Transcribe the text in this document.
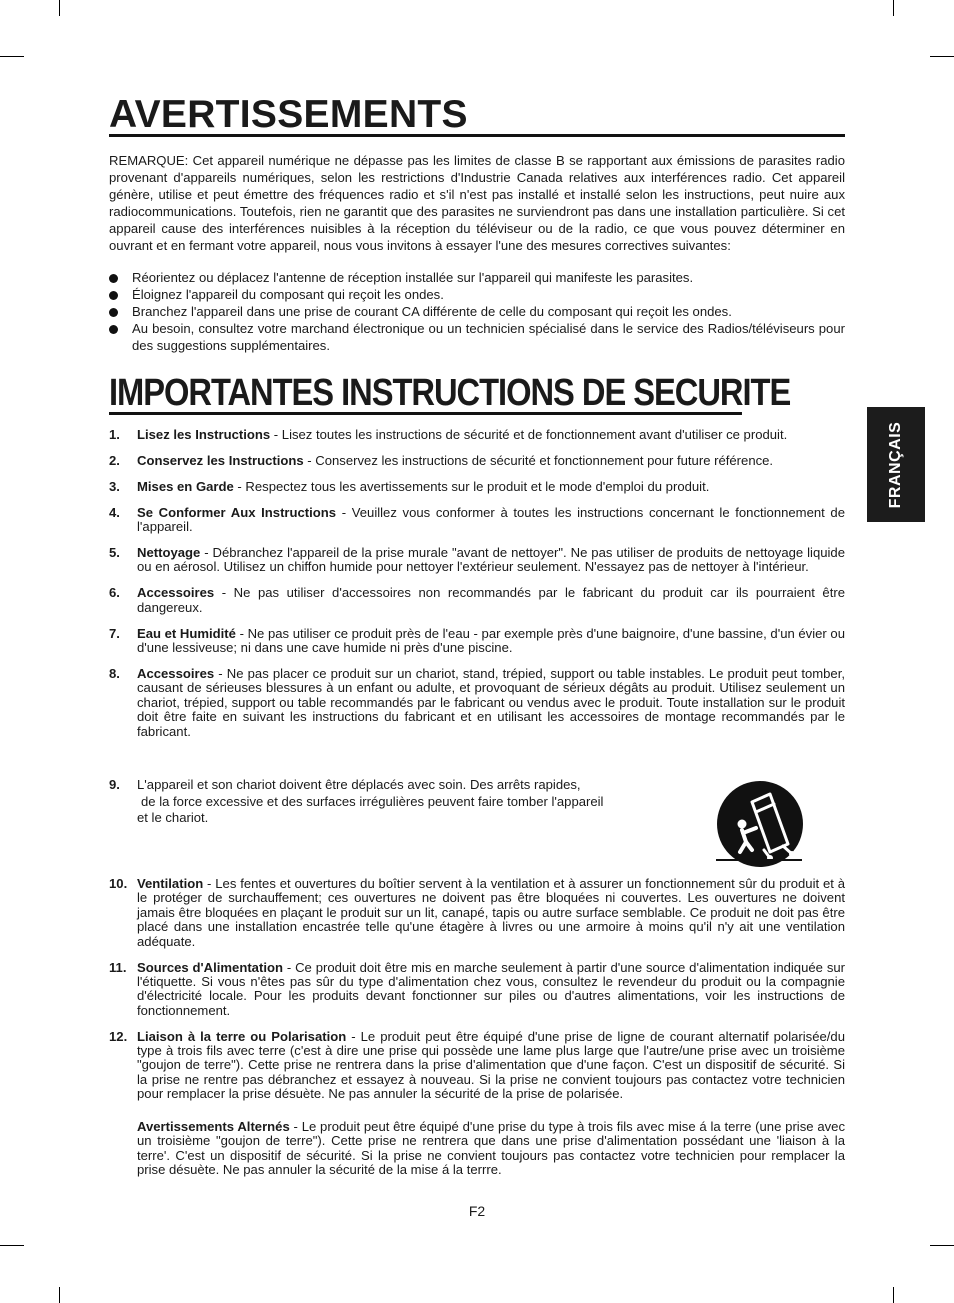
AVERTISSEMENTS

REMARQUE: Cet appareil numérique ne dépasse pas les limites de classe B se rapportant aux émissions de parasites radio provenant d'appareils numériques, selon les restrictions d'Industrie Canada relatives aux interférences radio. Cet appareil génère, utilise et peut émettre des fréquences radio et s'il n'est pas installé et installé selon les instructions, peut nuire aux radiocommunications. Toutefois, rien ne garantit que des parasites ne surviendront pas dans une installation particulière. Si cet appareil cause des interférences nuisibles à la réception du téléviseur ou de la radio, ce que vous pouvez déterminer en ouvrant et en fermant votre appareil, nous vous invitons à essayer l'une des mesures correctives suivantes:

Réorientez ou déplacez l'antenne de réception installée sur l'appareil qui manifeste les parasites.
Éloignez l'appareil du composant qui reçoit les ondes.
Branchez l'appareil dans une prise de courant CA différente de celle du composant qui reçoit les ondes.
Au besoin, consultez votre marchand électronique ou un technicien spécialisé dans le service des Radios/téléviseurs pour des suggestions supplémentaires.
IMPORTANTES INSTRUCTIONS DE SECURITE
1. Lisez les Instructions - Lisez toutes les instructions de sécurité et de fonctionnement avant d'utiliser ce produit.
2. Conservez les Instructions - Conservez les instructions de sécurité et fonctionnement pour future référence.
3. Mises en Garde - Respectez tous les avertissements sur le produit et le mode d'emploi du produit.
4. Se Conformer Aux Instructions - Veuillez vous conformer à toutes les instructions concernant le fonctionnement de l'appareil.
5. Nettoyage - Débranchez l'appareil de la prise murale "avant de nettoyer". Ne pas utiliser de produits de nettoyage liquide ou en aérosol. Utilisez un chiffon humide pour nettoyer l'extérieur seulement. N'essayez pas de nettoyer à l'intérieur.
6. Accessoires - Ne pas utiliser d'accessoires non recommandés par le fabricant du produit car ils pourraient être dangereux.
7. Eau et Humidité - Ne pas utiliser ce produit près de l'eau - par exemple près d'une baignoire, d'une bassine, d'un évier ou d'une lessiveuse; ni dans une cave humide ni près d'une piscine.
8. Accessoires - Ne pas placer ce produit sur un chariot, stand, trépied, support ou table instables. Le produit peut tomber, causant de sérieuses blessures à un enfant ou adulte, et provoquant de sérieux dégâts au produit. Utilisez seulement un chariot, trépied, support ou table recommandés par le fabricant ou vendus avec le produit. Toute installation sur le produit doit être faite en suivant les instructions du fabricant et en utilisant les accessoires de montage recommandés par le fabricant.
9.	L'appareil et son chariot doivent être déplacés avec soin. Des arrêts rapides,
de la force excessive et des surfaces irrégulières peuvent faire tomber l'appareil
et le chariot.
10. Ventilation - Les fentes et ouvertures du boîtier servent à la ventilation et à assurer un fonctionnement sûr du produit et à le protéger de surchauffement; ces ouvertures ne doivent pas être bloquées ni couvertes. Les ouvertures ne doivent jamais être bloquées en plaçant le produit sur un lit, canapé, tapis ou autre surface semblable. Ce produit ne doit pas être placé dans une installation encastrée telle qu'une étagère à livres ou une armoire à moins qu'il n'y ait une ventilation adéquate.
11. Sources d'Alimentation - Ce produit doit être mis en marche seulement à partir d'une source d'alimentation indiquée sur l'étiquette. Si vous n'êtes pas sûr du type d'alimentation chez vous, consultez le revendeur du produit ou la compagnie d'électricité locale. Pour les produits devant fonctionner sur piles ou d'autres alimentations, voir les instructions de fonctionnement.
12. Liaison à la terre ou Polarisation - Le produit peut être équipé d'une prise de ligne de courant alternatif polarisée/du type à trois fils avec terre (c'est à dire une prise qui possède une lame plus large que l'autre/une prise avec un troisième "goujon de terre"). Cette prise ne rentrera dans la prise d'alimentation que d'une façon. C'est un dispositif de sécurité. Si la prise ne rentre pas débranchez et essayez à nouveau. Si la prise ne convient toujours pas contactez votre technicien pour remplacer la prise désuète. Ne pas annuler la sécurité de la prise de polarisée.

Avertissements Alternés - Le produit peut être équipé d'une prise du type à trois fils avec mise á la terre (une prise avec un troisième "goujon de terre"). Cette prise ne rentrera que dans une prise d'alimentation possédant une 'liaison à la terre'. C'est un dispositif de sécurité. Si la prise ne convient toujours pas contactez votre technicien pour remplacer la prise désuète. Ne pas annuler la sécurité de la mise á la terrre.

FRANÇAIS
F2
